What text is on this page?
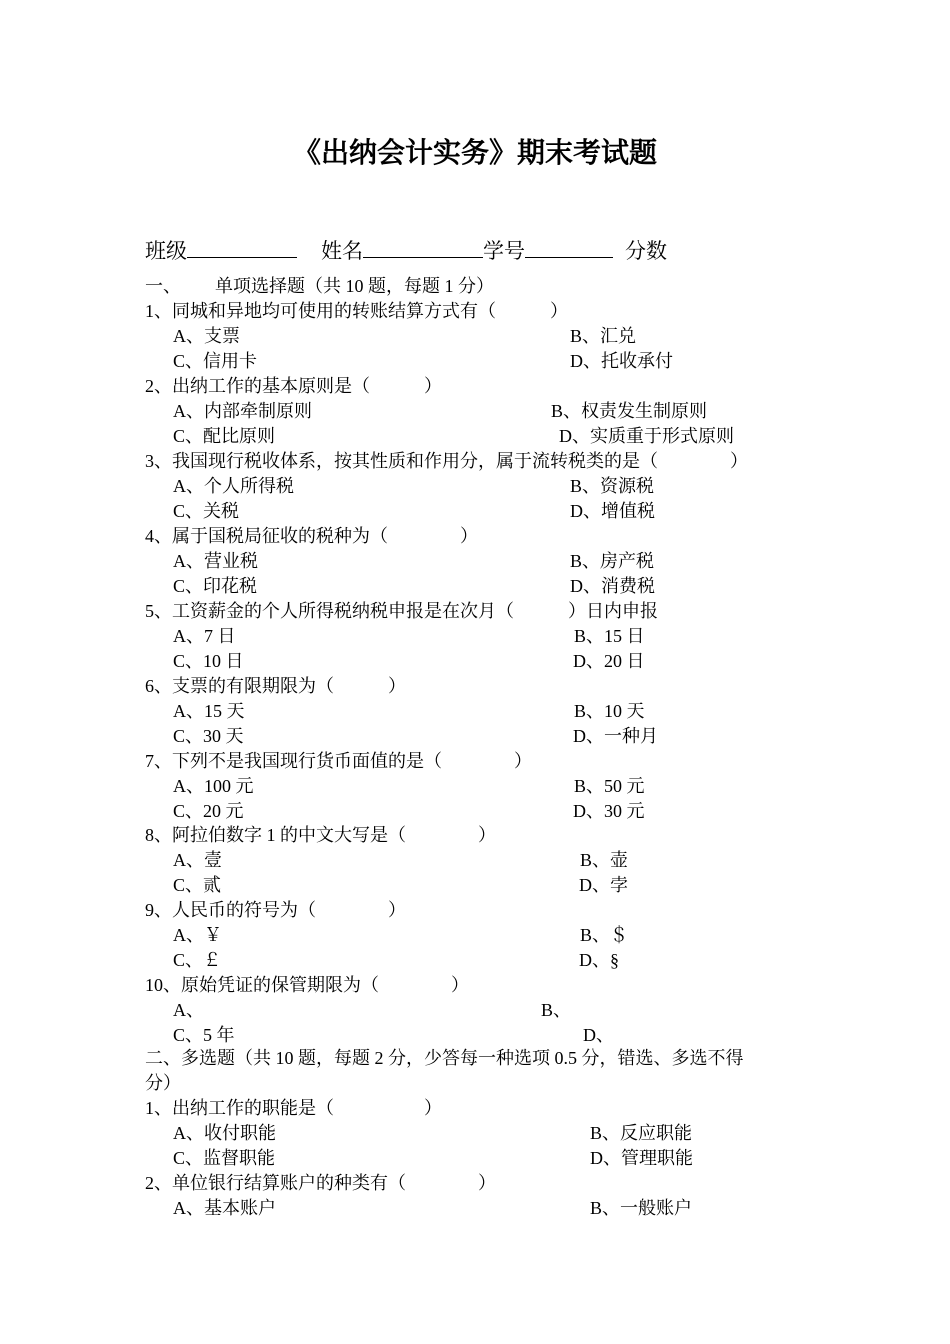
《出纳会计实务》期末考试题
班级	姓名	学号	分数
一、 单项选择题（共 10 题，每题 1 分）
1、同城和异地均可使用的转账结算方式有（　　　）
A、支票	B、汇兑
C、信用卡	D、托收承付
2、出纳工作的基本原则是（　　　）
A、内部牵制原则	B、权责发生制原则
C、配比原则	D、实质重于形式原则
3、我国现行税收体系，按其性质和作用分，属于流转税类的是（　　　　）
A、个人所得税	B、资源税
C、关税	D、增值税
4、属于国税局征收的税种为（　　　　）
A、营业税	B、房产税
C、印花税	D、消费税
5、工资薪金的个人所得税纳税申报是在次月（　　　）日内申报
A、7 日	B、15 日
C、10 日	D、20 日
6、支票的有限期限为（　　　）
A、15 天	B、10 天
C、30 天	D、一种月
7、下列不是我国现行货币面值的是（　　　　）
A、100 元	B、50 元
C、20 元	D、30 元
8、阿拉伯数字 1 的中文大写是（　　　　）
A、壹	B、壶
C、贰	D、孛
9、人民币的符号为（　　　　）
A、￥	B、＄
C、￡	D、§
10、原始凭证的保管期限为（　　　　）
A、	B、
C、5 年	D、
二、多选题（共 10 题，每题 2 分，少答每一种选项 0.5 分，错选、多选不得
分）
1、出纳工作的职能是（　　　　　）
A、收付职能	B、反应职能
C、监督职能	D、管理职能
2、单位银行结算账户的种类有（　　　　）
A、基本账户	B、一般账户
